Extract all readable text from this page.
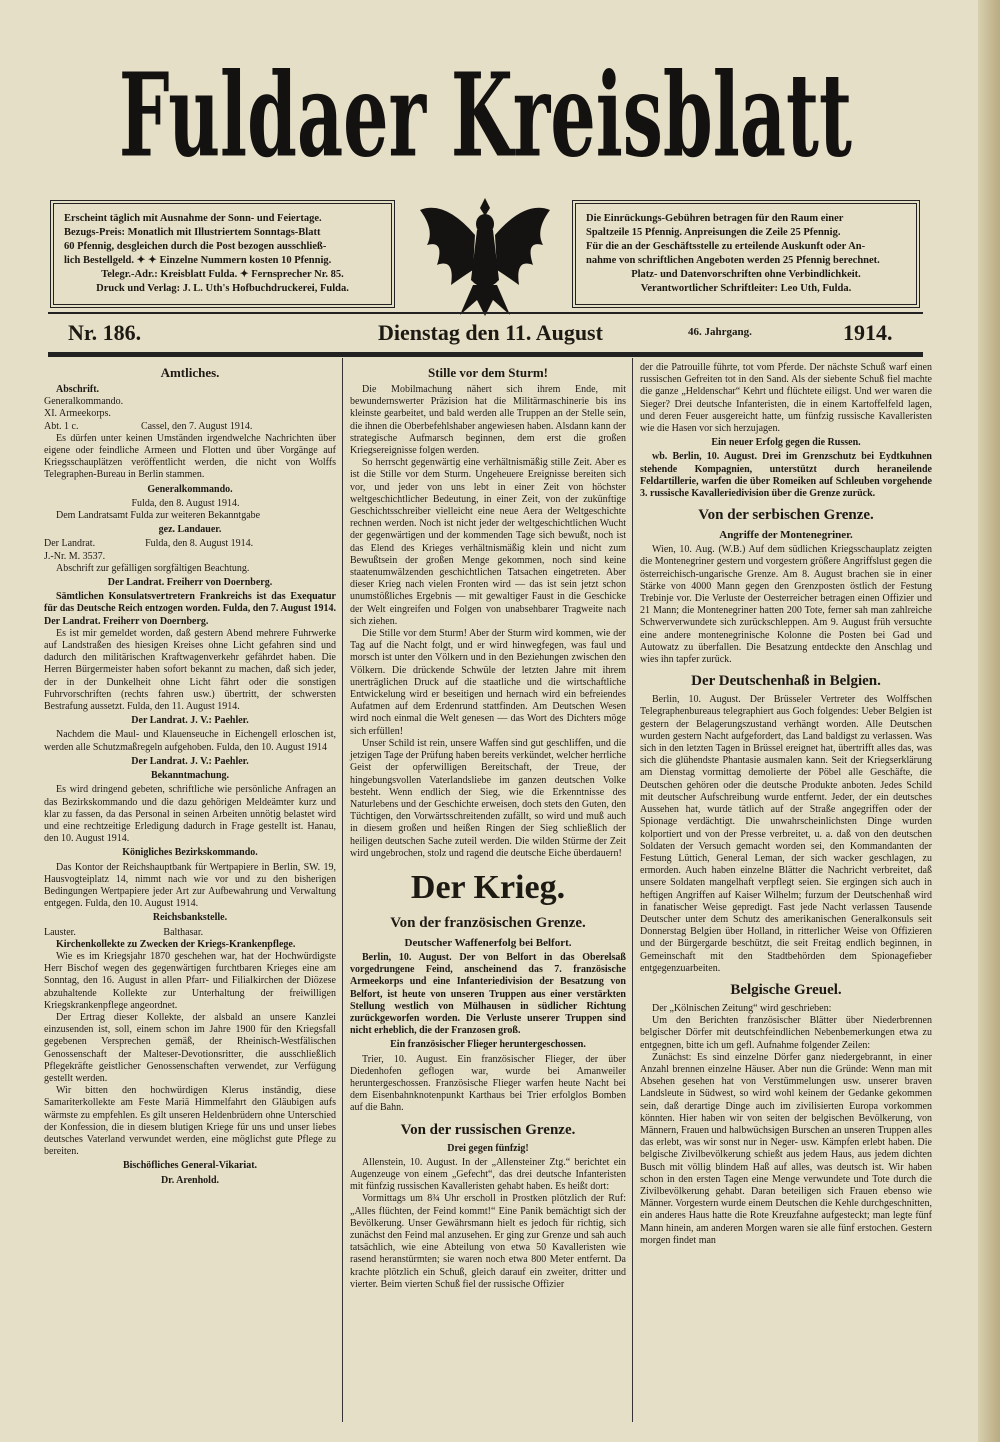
Fuldaer Kreisblatt
Erscheint täglich mit Ausnahme der Sonn- und Feiertage.
Bezugs-Preis: Monatlich mit Illustriertem Sonntags-Blatt
60 Pfennig, desgleichen durch die Post bezogen ausschließ-
lich Bestellgeld. ✦ ✦ Einzelne Nummern kosten 10 Pfennig.
Telegr.-Adr.: Kreisblatt Fulda. ✦ Fernsprecher Nr. 85.
Druck und Verlag: J. L. Uth's Hofbuchdruckerei, Fulda.
Die Einrückungs-Gebühren betragen für den Raum einer
Spaltzeile 15 Pfennig. Anpreisungen die Zeile 25 Pfennig.
Für die an der Geschäftsstelle zu erteilende Auskunft oder An-
nahme von schriftlichen Angeboten werden 25 Pfennig berechnet.
Platz- und Datenvorschriften ohne Verbindlichkeit.
Verantwortlicher Schriftleiter: Leo Uth, Fulda.
Nr. 186.	Dienstag den 11. August	46. Jahrgang.	1914.
Amtliches.

Abschrift.

Generalkommando.
XI. Armeekorps.
Abt. 1 c.                         Cassel, den 7. August 1914.

Es dürfen unter keinen Umständen irgendwelche Nachrichten über eigene oder feindliche Armeen und Flotten und über Vorgänge auf Kriegsschauplätzen veröffentlicht werden, die nicht von Wolffs Telegraphen-Bureau in Berlin stammen.

Generalkommando.
Fulda, den 8. August 1914.

Dem Landratsamt Fulda zur weiteren Bekanntgabe

gez. Landauer.
Der Landrat.                    Fulda, den 8. August 1914.
J.-Nr. M. 3537.

Abschrift zur gefälligen sorgfältigen Beachtung.

Der Landrat. Freiherr von Doernberg.

Sämtlichen Konsulatsvertretern Frankreichs ist das Exequatur für das Deutsche Reich entzogen worden. Fulda, den 7. August 1914. Der Landrat. Freiherr von Doernberg.

Es ist mir gemeldet worden, daß gestern Abend mehrere Fuhrwerke auf Landstraßen des hiesigen Kreises ohne Licht gefahren sind und dadurch den militärischen Kraftwagenverkehr gefährdet haben. Die Herren Bürgermeister haben sofort bekannt zu machen, daß sich jeder, der in der Dunkelheit ohne Licht fährt oder die sonstigen Fuhrvorschriften (rechts fahren usw.) übertritt, der schwersten Bestrafung aussetzt. Fulda, den 11. August 1914.

Der Landrat. J. V.: Paehler.

Nachdem die Maul- und Klauenseuche in Eichengell erloschen ist, werden alle Schutzmaßregeln aufgehoben. Fulda, den 10. August 1914

Der Landrat. J. V.: Paehler.
Bekanntmachung.

Es wird dringend gebeten, schriftliche wie persönliche Anfragen an das Bezirkskommando und die dazu gehörigen Meldeämter kurz und klar zu fassen, da das Personal in seinen Arbeiten unnötig belastet wird und eine rechtzeitige Erledigung dadurch in Frage gestellt ist. Hanau, den 10. August 1914.

Königliches Bezirkskommando.

Das Kontor der Reichshauptbank für Wertpapiere in Berlin, SW. 19, Hausvogteiplatz 14, nimmt nach wie vor und zu den bisherigen Bedingungen Wertpapiere jeder Art zur Aufbewahrung und Verwaltung entgegen. Fulda, den 10. August 1914.

Reichsbankstelle.
Lauster.                                   Balthasar.

Kirchenkollekte zu Zwecken der Kriegs-Krankenpflege.

Wie es im Kriegsjahr 1870 geschehen war, hat der Hochwürdigste Herr Bischof wegen des gegenwärtigen furchtbaren Krieges eine am Sonntag, den 16. August in allen Pfarr- und Filialkirchen der Diözese abzuhaltende Kollekte zur Unterhaltung der freiwilligen Kriegskrankenpflege angeordnet.

Der Ertrag dieser Kollekte, der alsbald an unsere Kanzlei einzusenden ist, soll, einem schon im Jahre 1900 für den Kriegsfall gegebenen Versprechen gemäß, der Rheinisch-Westfälischen Genossenschaft der Malteser-Devotionsritter, die ausschließlich Pflegekräfte geistlicher Genossenschaften verwendet, zur Verfügung gestellt werden.

Wir bitten den hochwürdigen Klerus inständig, diese Samariterkollekte am Feste Mariä Himmelfahrt den Gläubigen aufs wärmste zu empfehlen. Es gilt unseren Heldenbrüdern ohne Unterschied der Konfession, die in diesem blutigen Kriege für uns und unser liebes deutsches Vaterland verwundet werden, eine möglichst gute Pflege zu bereiten.

Bischöfliches General-Vikariat.
Dr. Arenhold.
Stille vor dem Sturm!

Die Mobilmachung nähert sich ihrem Ende, mit bewundernswerter Präzision hat die Militärmaschinerie bis ins kleinste gearbeitet, und bald werden alle Truppen an der Stelle sein, die ihnen die Oberbefehlshaber angewiesen haben. Alsdann kann der strategische Aufmarsch beginnen, dem erst die großen Kriegsereignisse folgen werden.

So herrscht gegenwärtig eine verhältnismäßig stille Zeit. Aber es ist die Stille vor dem Sturm. Ungeheuere Ereignisse bereiten sich vor, und jeder von uns lebt in einer Zeit von höchster weltgeschichtlicher Bedeutung, in einer Zeit, von der zukünftige Geschichtsschreiber vielleicht eine neue Aera der Weltgeschichte rechnen werden. Noch ist nicht jeder der weltgeschichtlichen Wucht der gegenwärtigen und der kommenden Tage sich bewußt, noch ist das Elend des Krieges verhältnismäßig klein und nicht zum Bewußtsein der großen Menge gekommen, noch sind keine staatenumwälzenden geschichtlichen Tatsachen eingetreten. Aber dieser Krieg nach vielen Fronten wird — das ist sein jetzt schon unumstößliches Ergebnis — mit gewaltiger Faust in die Geschicke der Welt eingreifen und Folgen von unabsehbarer Tragweite nach sich ziehen.

Die Stille vor dem Sturm! Aber der Sturm wird kommen, wie der Tag auf die Nacht folgt, und er wird hinwegfegen, was faul und morsch ist unter den Völkern und in den Beziehungen zwischen den Völkern. Die drückende Schwüle der letzten Jahre mit ihrem unerträglichen Druck auf die staatliche und die wirtschaftliche Entwickelung wird er beseitigen und hernach wird ein befreiendes Aufatmen auf dem Erdenrund stattfinden. Am Deutschen Wesen wird noch einmal die Welt genesen — das Wort des Dichters möge sich erfüllen!

Unser Schild ist rein, unsere Waffen sind gut geschliffen, und die jetzigen Tage der Prüfung haben bereits verkündet, welcher herrliche Geist der opferwilligen Bereitschaft, der Treue, der hingebungsvollen Vaterlandsliebe im ganzen deutschen Volke besteht. Wenn endlich der Sieg, wie die Erkenntnisse des Naturlebens und der Geschichte erweisen, doch stets den Guten, den Tüchtigen, den Vorwärtsschreitenden zufällt, so wird und muß auch in diesem großen und heißen Ringen der Sieg schließlich der heiligen deutschen Sache zuteil werden. Die wilden Stürme der Zeit wird ungebrochen, stolz und ragend die deutsche Eiche überdauern!

Der Krieg.
Von der französischen Grenze.
Deutscher Waffenerfolg bei Belfort.

Berlin, 10. August. Der von Belfort in das Oberelsaß vorgedrungene Feind, anscheinend das 7. französische Armeekorps und eine Infanteriedivision der Besatzung von Belfort, ist heute von unseren Truppen aus einer verstärkten Stellung westlich von Mülhausen in südlicher Richtung zurückgeworfen worden. Die Verluste unserer Truppen sind nicht erheblich, die der Franzosen groß.

Ein französischer Flieger heruntergeschossen.

Trier, 10. August. Ein französischer Flieger, der über Diedenhofen geflogen war, wurde bei Amanweiler heruntergeschossen. Französische Flieger warfen heute Nacht bei dem Eisenbahnknotenpunkt Karthaus bei Trier erfolglos Bomben auf die Bahn.

Von der russischen Grenze.
Drei gegen fünfzig!

Allenstein, 10. August. In der „Allensteiner Ztg.“ berichtet ein Augenzeuge von einem „Gefecht“, das drei deutsche Infanteristen mit fünfzig russischen Kavalleristen gehabt haben. Es heißt dort:

Vormittags um 8¾ Uhr erscholl in Prostken plötzlich der Ruf: „Alles flüchten, der Feind kommt!“ Eine Panik bemächtigt sich der Bevölkerung. Unser Gewährsmann hielt es jedoch für richtig, sich zunächst den Feind mal anzusehen. Er ging zur Grenze und sah auch tatsächlich, wie eine Abteilung von etwa 50 Kavalleristen wie rasend heranstürmten; sie waren noch etwa 800 Meter entfernt. Da krachte plötzlich ein Schuß, gleich darauf ein zweiter, dritter und vierter. Beim vierten Schuß fiel der russische Offizier

der die Patrouille führte, tot vom Pferde. Der nächste Schuß warf einen russischen Gefreiten tot in den Sand. Als der siebente Schuß fiel machte die ganze „Heldenschar“ Kehrt und flüchtete eiligst. Und wer waren die Sieger? Drei deutsche Infanteristen, die in einem Kartoffelfeld lagen, und deren Feuer ausgereicht hatte, um fünfzig russische Kavalleristen wie die Hasen vor sich herzujagen.

Ein neuer Erfolg gegen die Russen.

wb. Berlin, 10. August. Drei im Grenzschutz bei Eydtkuhnen stehende Kompagnien, unterstützt durch heraneilende Feldartillerie, warfen die über Romeiken auf Schleuben vorgehende 3. russische Kavalleriedivision über die Grenze zurück.

Von der serbischen Grenze.
Angriffe der Montenegriner.

Wien, 10. Aug. (W.B.) Auf dem südlichen Kriegsschauplatz zeigten die Montenegriner gestern und vorgestern größere Angriffslust gegen die österreichisch-ungarische Grenze. Am 8. August brachen sie in einer Stärke von 4000 Mann gegen den Grenzposten östlich der Festung Trebinje vor. Die Verluste der Oesterreicher betragen einen Offizier und 21 Mann; die Montenegriner hatten 200 Tote, ferner sah man zahlreiche Schwerverwundete sich zurückschleppen. Am 9. August früh versuchte eine andere montenegrinische Kolonne die Posten bei Gad und Autowatz zu überfallen. Die Besatzung entdeckte den Anschlag und wies ihn tapfer zurück.

Der Deutschenhaß in Belgien.

Berlin, 10. August. Der Brüsseler Vertreter des Wolffschen Telegraphenbureaus telegraphiert aus Goch folgendes: Ueber Belgien ist gestern der Belagerungszustand verhängt worden. Alle Deutschen wurden gestern Nacht aufgefordert, das Land baldigst zu verlassen. Was sich in den letzten Tagen in Brüssel ereignet hat, übertrifft alles das, was sich die glühendste Phantasie ausmalen kann. Seit der Kriegserklärung am Dienstag vormittag demolierte der Pöbel alle Geschäfte, die Deutschen gehören oder die deutsche Produkte anboten. Jedes Schild mit deutscher Aufschreibung wurde entfernt. Jeder, der ein deutsches Aussehen hat, wurde tätlich auf der Straße angegriffen oder der Spionage verdächtigt. Die unwahrscheinlichsten Dinge wurden kolportiert und von der Presse verbreitet, u. a. daß von den deutschen Soldaten der Versuch gemacht worden sei, den Kommandanten der Festung Lüttich, General Leman, der sich wacker geschlagen, zu ermorden. Auch haben einzelne Blätter die Nachricht verbreitet, daß unsere Soldaten mangelhaft verpflegt seien. Sie ergingen sich auch in heftigen Angriffen auf Kaiser Wilhelm; furzum der Deutschenhaß wird in fanatischer Weise gepredigt. Fast jede Nacht verlassen Tausende Deutscher unter dem Schutz des amerikanischen Generalkonsuls seit Donnerstag Belgien über Holland, in ritterlicher Weise von Offizieren und der Bürgergarde beschützt, die seit Freitag endlich beginnen, in Gemeinschaft mit den Stadtbehörden dem Spionagefieber entgegenzuarbeiten.

Belgische Greuel.

Der „Kölnischen Zeitung“ wird geschrieben:

Um den Berichten französischer Blätter über Niederbrennen belgischer Dörfer mit deutschfeindlichen Nebenbemerkungen etwa zu entgegnen, bitte ich um gefl. Aufnahme folgender Zeilen:

Zunächst: Es sind einzelne Dörfer ganz niedergebrannt, in einer Anzahl brennen einzelne Häuser. Aber nun die Gründe: Wenn man mit Absehen gesehen hat von Verstümmelungen usw. unserer braven Landsleute in Südwest, so wird wohl keinem der Gedanke gekommen sein, daß derartige Dinge auch im zivilisierten Europa vorkommen könnten. Hier haben wir von seiten der belgischen Bevölkerung, von Männern, Frauen und halbwüchsigen Burschen an unseren Truppen alles das erlebt, was wir sonst nur in Neger- usw. Kämpfen erlebt haben. Die belgische Zivilbevölkerung schießt aus jedem Haus, aus jedem dichten Busch mit völlig blindem Haß auf alles, was deutsch ist. Wir haben schon in den ersten Tagen eine Menge verwundete und Tote durch die Zivilbevölkerung gehabt. Daran beteiligen sich Frauen ebenso wie Männer. Vorgestern wurde einem Deutschen die Kehle durchgeschnitten, ein anderes Haus hatte die Rote Kreuzfahne aufgesteckt; man legte fünf Mann hinein, am anderen Morgen waren sie alle fünf erstochen. Gestern morgen findet man
